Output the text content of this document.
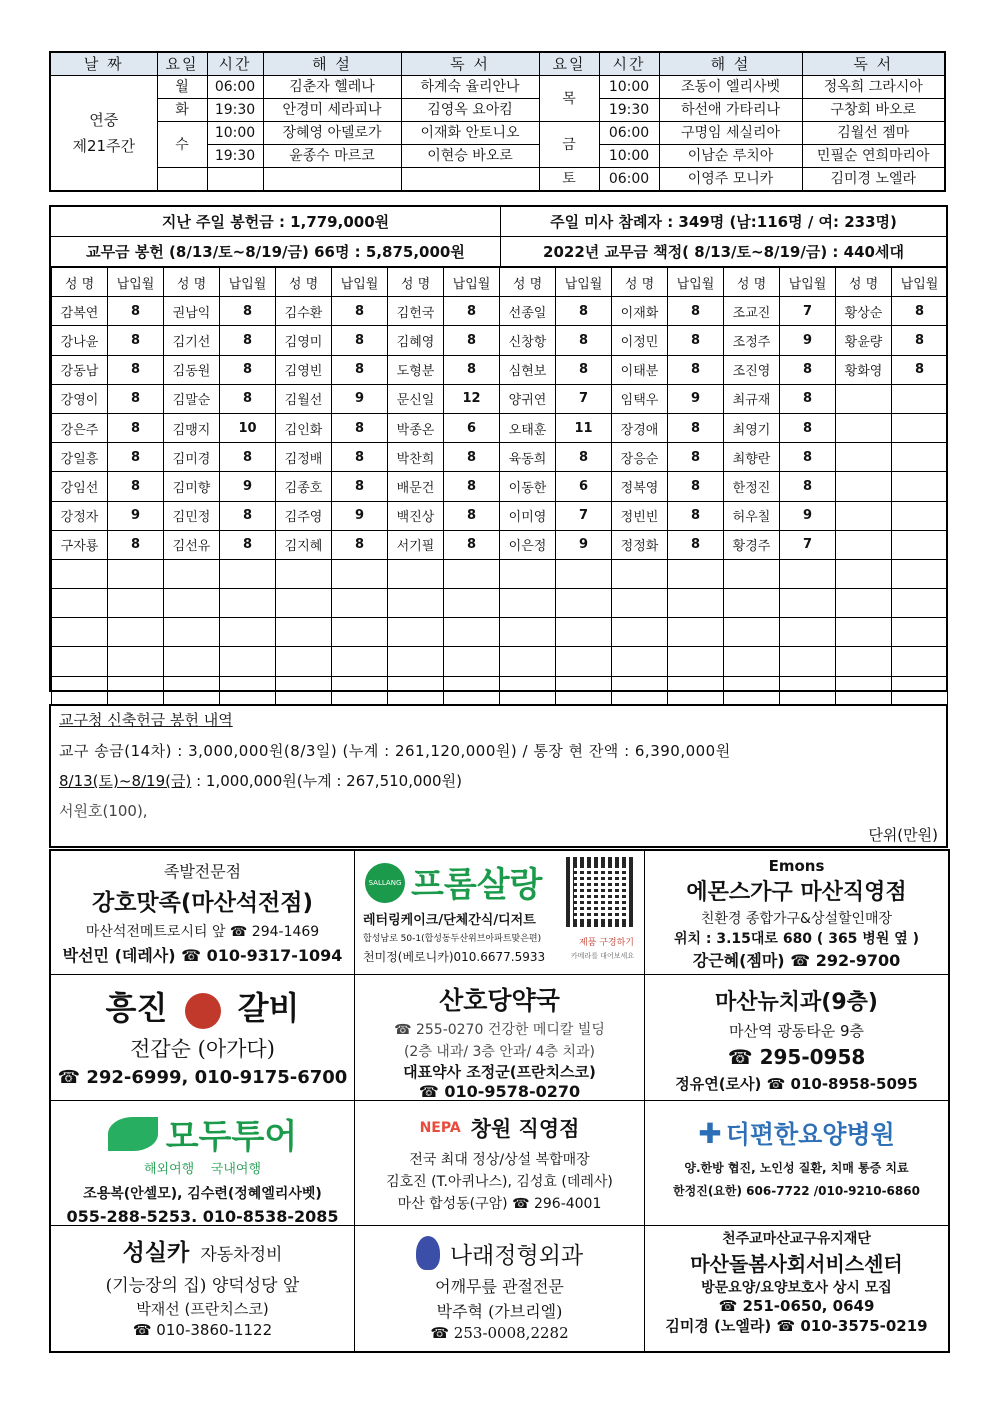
날 짜	요일	시간	해 설	독 서	요일	시간	해 설	독 서
연중
제21주간	월	06:00	김춘자 헬레나	하계숙 율리안나	목	10:00	조동이 엘리사벳	정옥희 그라시아
	화	19:30	안경미 세라피나	김영옥 요아킴		19:30	하선애 가타리나	구창회 바오로
	수	10:00	장혜영 아델로가	이재화 안토니오	금	06:00	구명임 세실리아	김월선 젬마
		19:30	윤종수 마르코	이현승 바오로		10:00	이남순 루치아	민필순 연희마리아
					토	06:00	이영주 모니카	김미경 노엘라
지난 주일 봉헌금 : 1,779,000원	주일 미사 참례자 : 349명 (남:116명 / 여: 233명)
교무금 봉헌 (8/13/토~8/19/금) 66명 : 5,875,000원	2022년 교무금 책정( 8/13/토~8/19/금) : 440세대
성 명	납입월	성 명	납입월	성 명	납입월	성 명	납입월	성 명	납입월	성 명	납입월	성 명	납입월	성 명	납입월
감복연	8	권남익	8	김수환	8	김헌국	8	선종일	8	이재화	8	조교진	7	황상순	8
강나윤	8	김기선	8	김영미	8	김혜영	8	신창항	8	이정민	8	조정주	9	황윤량	8
강동남	8	김동원	8	김영빈	8	도형분	8	심현보	8	이태분	8	조진영	8	황화영	8
강영이	8	김말순	8	김월선	9	문신일	12	양귀연	7	임택우	9	최규재	8		
강은주	8	김맹지	10	김인화	8	박종온	6	오태훈	11	장경애	8	최영기	8		
강일흥	8	김미경	8	김정배	8	박찬희	8	육동희	8	장응순	8	최향란	8		
강임선	8	김미향	9	김종호	8	배문건	8	이동한	6	정복영	8	한정진	8		
강정자	9	김민정	8	김주영	9	백진상	8	이미영	7	정빈빈	8	허우칠	9		
구자룡	8	김선유	8	김지혜	8	서기필	8	이은정	9	정정화	8	황경주	7		

교구청 신축헌금 봉헌 내역
교구 송금(14차) : 3,000,000원(8/3일) (누계 : 261,120,000원) / 통장 현 잔액 : 6,390,000원
8/13(토)~8/19(금) : 1,000,000원(누계 : 267,510,000원)
서원호(100),
단위(만원)
족발전문점
강호맛족(마산석전점)
마산석전메트로시티 앞 ☎ 294-1469
박선민 (데레사) ☎ 010-9317-1094
SALLANG 프롬살랑
레터링케이크/단체간식/디저트
합성남로 50-1(합성동두산위브아파트맞은편)
천미정(베로니카)010.6677.5933
제품 구경하기
카메라를 대어보세요
Emons
에몬스가구 마산직영점
친환경 종합가구&상설할인매장
위치 : 3.15대로 680 ( 365 병원 옆 )
강근혜(젬마) ☎ 292-9700
흥진 갈비
전갑순 (아가다)
☎ 292-6999, 010-9175-6700
산호당약국
☎ 255-0270 건강한 메디칼 빌딩
(2층 내과/ 3층 안과/ 4층 치과)
대표약사 조정군(프란치스코)
☎ 010-9578-0270
마산뉴치과(9층)
마산역 광동타운 9층
☎ 295-0958
정유연(로사) ☎ 010-8958-5095
모두투어
해외여행 국내여행
조용복(안셀모), 김수련(정혜엘리사벳)
055-288-5253. 010-8538-2085
NEPA 창원 직영점
전국 최대 정상/상설 복합매장
김호진 (T.아퀴나스), 김성효 (데레사)
마산 합성동(구암) ☎ 296-4001
✚ 더편한요양병원
양.한방 협진, 노인성 질환, 치매 통증 치료
한정진(요한) 606-7722 /010-9210-6860
성실카 자동차정비
(기능장의 집) 양덕성당 앞
박재선 (프란치스코)
☎ 010-3860-1122
나래정형외과
어깨무릎 관절전문
박주혁 (가브리엘)
☎ 253-0008,2282
천주교마산교구유지재단
마산돌봄사회서비스센터
방문요양/요양보호사 상시 모집
☎ 251-0650, 0649
김미경 (노엘라) ☎ 010-3575-0219
